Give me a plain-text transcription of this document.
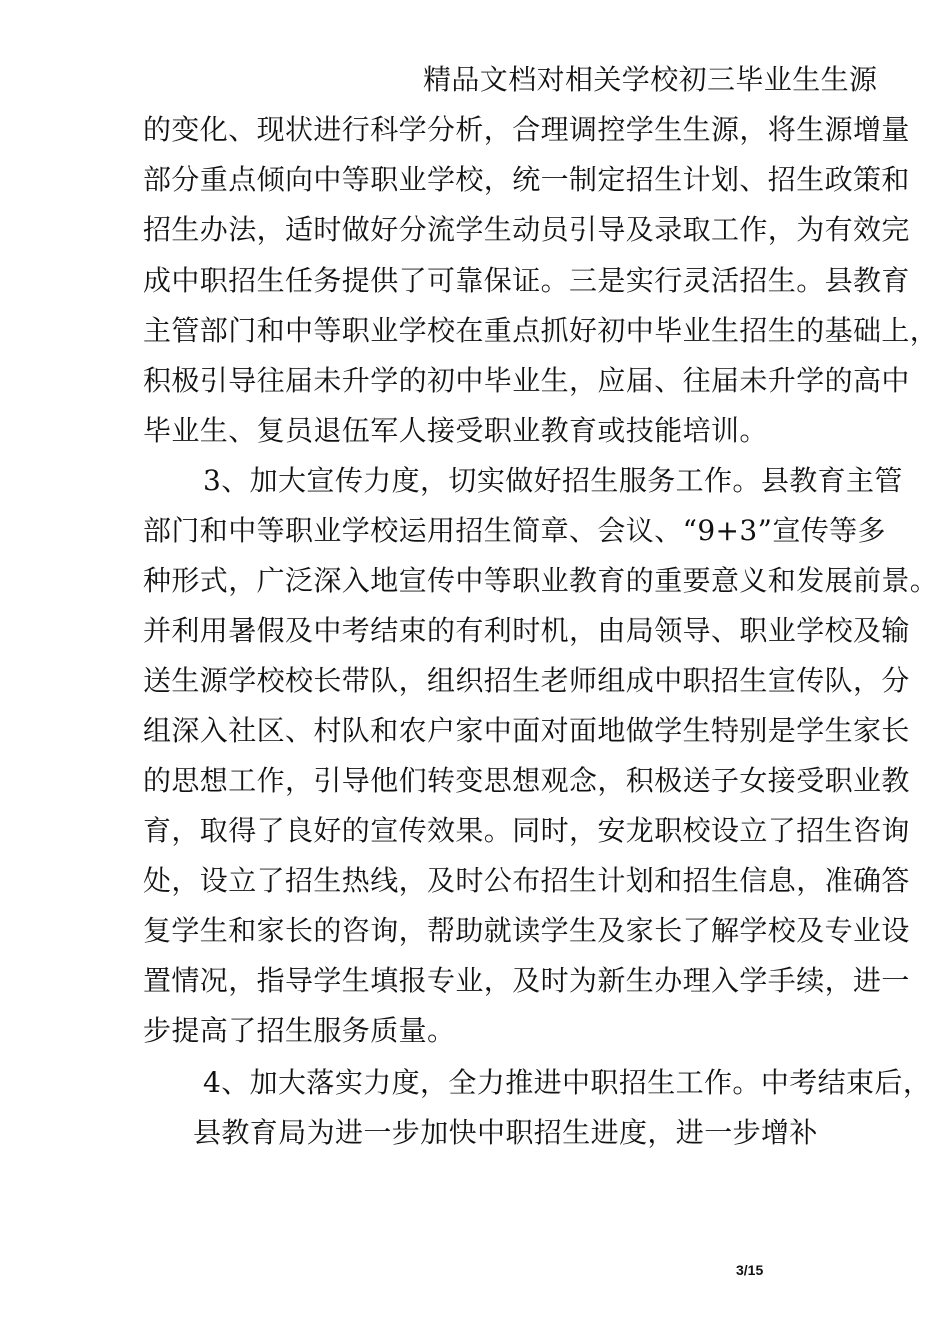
精品文档对相关学校初三毕业生生源
的变化、现状进行科学分析，合理调控学生生源，将生源增量
部分重点倾向中等职业学校，统一制定招生计划、招生政策和
招生办法，适时做好分流学生动员引导及录取工作，为有效完
成中职招生任务提供了可靠保证。三是实行灵活招生。县教育
主管部门和中等职业学校在重点抓好初中毕业生招生的基础上，
积极引导往届未升学的初中毕业生，应届、往届未升学的高中
毕业生、复员退伍军人接受职业教育或技能培训。
3、加大宣传力度，切实做好招生服务工作。县教育主管
部门和中等职业学校运用招生简章、会议、“9+3”宣传等多
种形式，广泛深入地宣传中等职业教育的重要意义和发展前景。
并利用暑假及中考结束的有利时机，由局领导、职业学校及输
送生源学校校长带队，组织招生老师组成中职招生宣传队，分
组深入社区、村队和农户家中面对面地做学生特别是学生家长
的思想工作，引导他们转变思想观念，积极送子女接受职业教
育，取得了良好的宣传效果。同时，安龙职校设立了招生咨询
处，设立了招生热线，及时公布招生计划和招生信息，准确答
复学生和家长的咨询，帮助就读学生及家长了解学校及专业设
置情况，指导学生填报专业，及时为新生办理入学手续，进一
步提高了招生服务质量。
4、加大落实力度，全力推进中职招生工作。中考结束后，
县教育局为进一步加快中职招生进度，进一步增补
3/15
